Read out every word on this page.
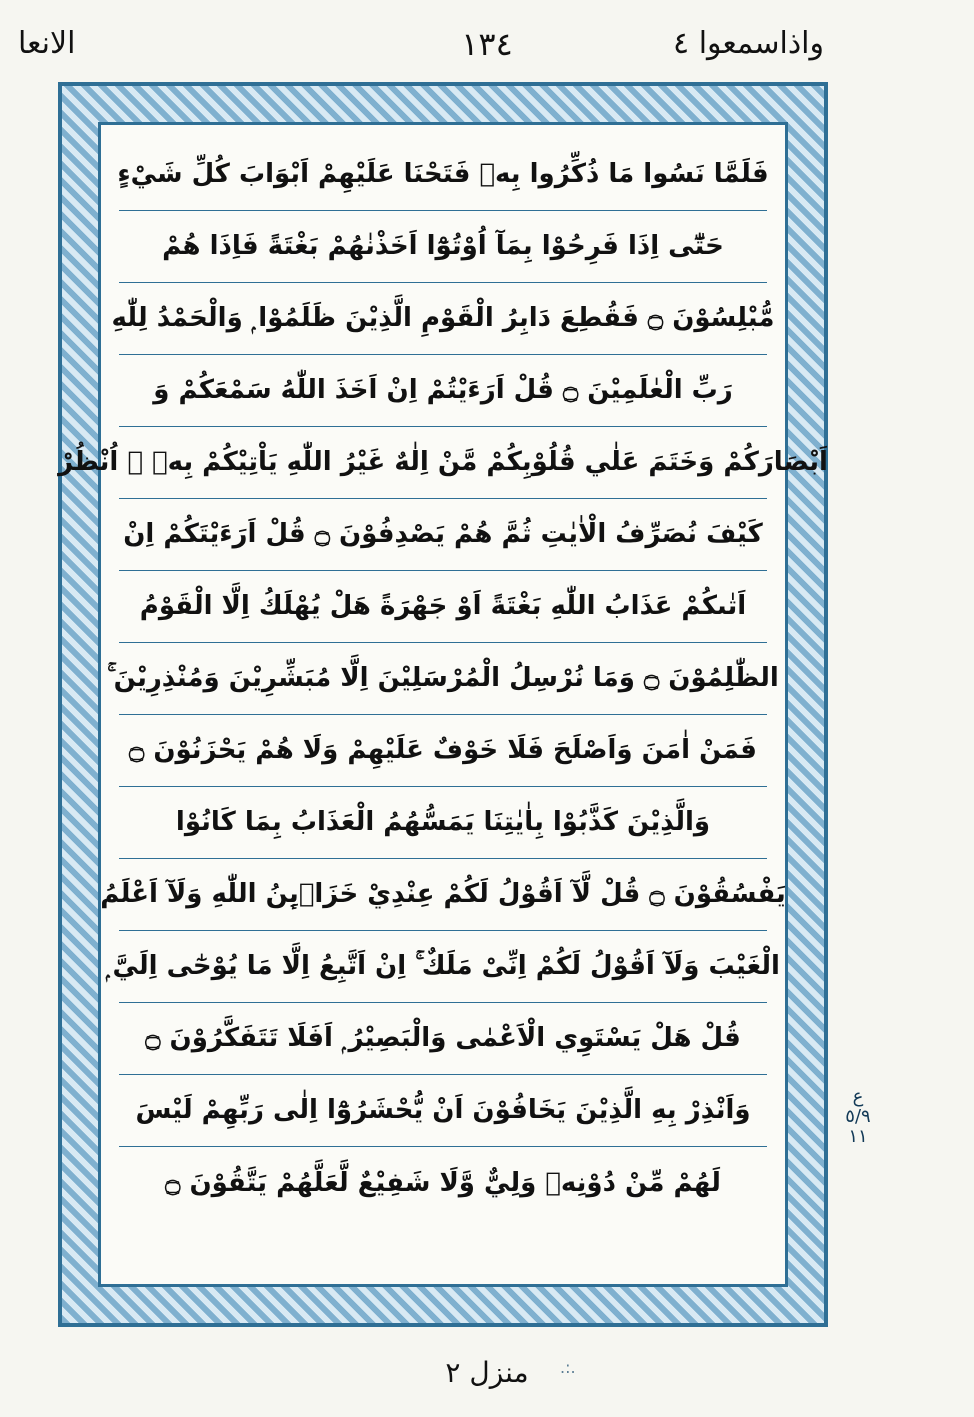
الانعا	١٣٤	واذاسمعوا ٤
فَلَمَّا نَسُوا مَا ذُكِّرُوا بِهٖ فَتَحْنَا عَلَيْهِمْ اَبْوَابَ كُلِّ شَيْءٍ
حَتّٰٓى اِذَا فَرِحُوْا بِمَآ اُوْتُوْٓا اَخَذْنٰهُمْ بَغْتَةً فَاِذَا هُمْ
مُّبْلِسُوْنَ ۝ فَقُطِعَ دَابِرُ الْقَوْمِ الَّذِيْنَ ظَلَمُوْا ۭ وَالْحَمْدُ لِلّٰهِ
رَبِّ الْعٰلَمِيْنَ ۝ قُلْ اَرَءَيْتُمْ اِنْ اَخَذَ اللّٰهُ سَمْعَكُمْ وَ
اَبْصَارَكُمْ وَخَتَمَ عَلٰي قُلُوْبِكُمْ مَّنْ اِلٰهٌ غَيْرُ اللّٰهِ يَاْتِيْكُمْ بِهٖ ۭ اُنْظُرْ
كَيْفَ نُصَرِّفُ الْاٰيٰتِ ثُمَّ هُمْ يَصْدِفُوْنَ ۝ قُلْ اَرَءَيْتَكُمْ اِنْ
اَتٰىكُمْ عَذَابُ اللّٰهِ بَغْتَةً اَوْ جَهْرَةً هَلْ يُهْلَكُ اِلَّا الْقَوْمُ
الظّٰلِمُوْنَ ۝ وَمَا نُرْسِلُ الْمُرْسَلِيْنَ اِلَّا مُبَشِّرِيْنَ وَمُنْذِرِيْنَ ۚ
فَمَنْ اٰمَنَ وَاَصْلَحَ فَلَا خَوْفٌ عَلَيْهِمْ وَلَا هُمْ يَحْزَنُوْنَ ۝
وَالَّذِيْنَ كَذَّبُوْا بِاٰيٰتِنَا يَمَسُّهُمُ الْعَذَابُ بِمَا كَانُوْا
يَفْسُقُوْنَ ۝ قُلْ لَّآ اَقُوْلُ لَكُمْ عِنْدِيْ خَزَاۗىِٕنُ اللّٰهِ وَلَآ اَعْلَمُ
الْغَيْبَ وَلَآ اَقُوْلُ لَكُمْ اِنِّىْ مَلَكٌ ۚ اِنْ اَتَّبِعُ اِلَّا مَا يُوْحٰٓى اِلَيَّ ۭ
قُلْ هَلْ يَسْتَوِي الْاَعْمٰى وَالْبَصِيْرُ ۭ اَفَلَا تَتَفَكَّرُوْنَ ۝
وَاَنْذِرْ بِهِ الَّذِيْنَ يَخَافُوْنَ اَنْ يُّحْشَرُوْٓا اِلٰى رَبِّهِمْ لَيْسَ
لَهُمْ مِّنْ دُوْنِهٖ وَلِيٌّ وَّلَا شَفِيْعٌ لَّعَلَّهُمْ يَتَّقُوْنَ ۝
ع
٥/٩
١١
.:.
منزل ٢
